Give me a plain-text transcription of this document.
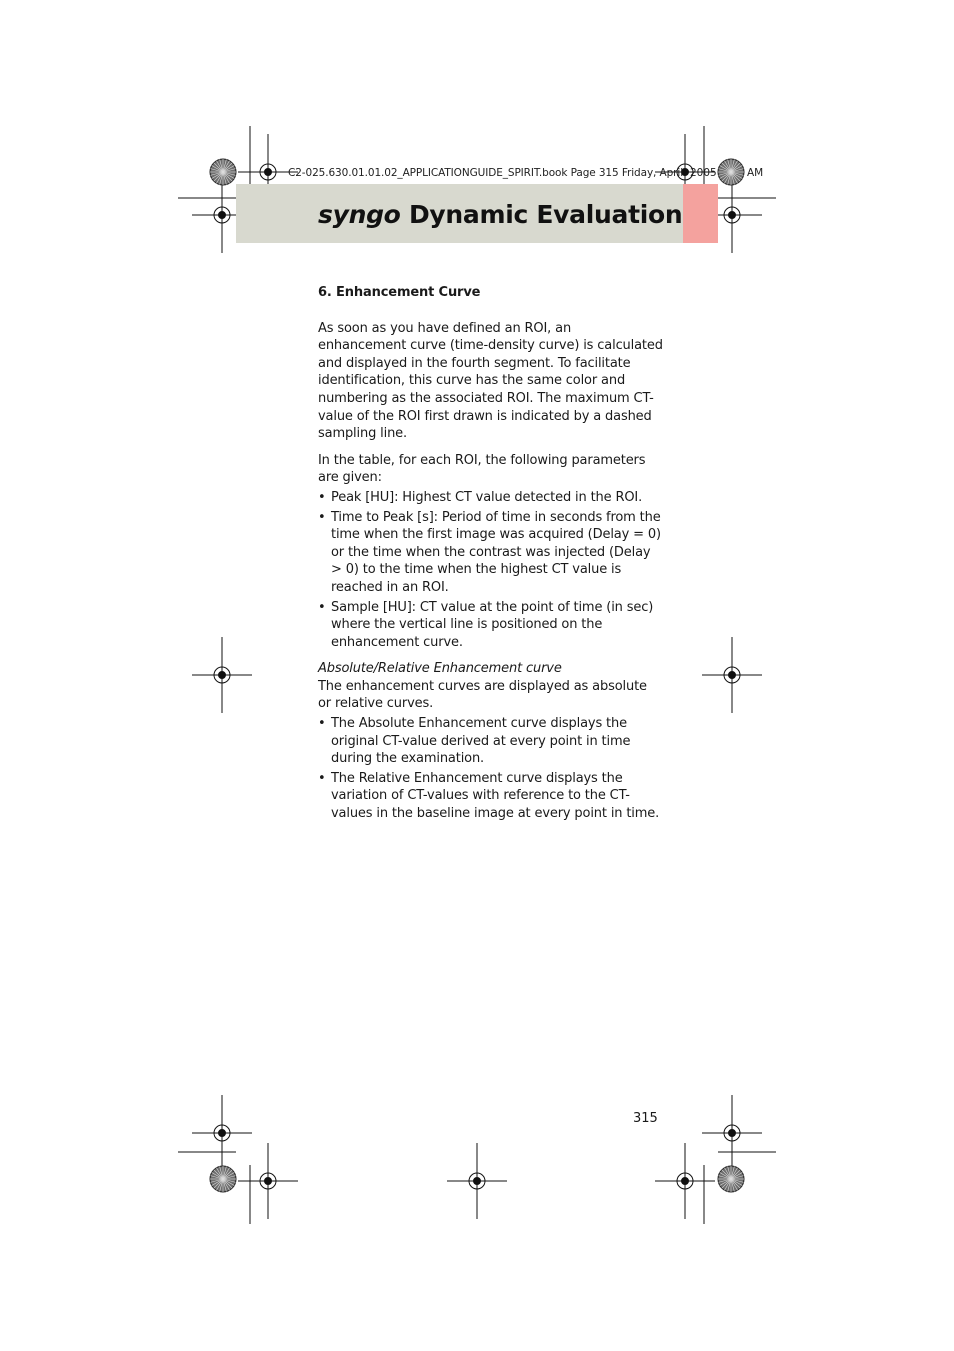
C2-025.630.01.01.02_APPLICATIONGUIDE_SPIRIT.book Page 315 Friday, April 2005	AM
syngo Dynamic Evaluation

6. Enhancement Curve

As soon as you have defined an ROI, an enhancement curve (time-density curve) is calculated and displayed in the fourth segment. To facilitate identification, this curve has the same color and numbering as the associated ROI. The maximum CT-value of the ROI first drawn is indicated by a dashed sampling line.

In the table, for each ROI, the following parameters are given:

• Peak [HU]: Highest CT value detected in the ROI.
• Time to Peak [s]: Period of time in seconds from the time when the first image was acquired (Delay = 0) or the time when the contrast was injected (Delay > 0) to the time when the highest CT value is reached in an ROI.
• Sample [HU]: CT value at the point of time (in sec) where the vertical line is positioned on the enhancement curve.

Absolute/Relative Enhancement curve

The enhancement curves are displayed as absolute or relative curves.

• The Absolute Enhancement curve displays the original CT-value derived at every point in time during the examination.
• The Relative Enhancement curve displays the variation of CT-values with reference to the CT-values in the baseline image at every point in time.
315
